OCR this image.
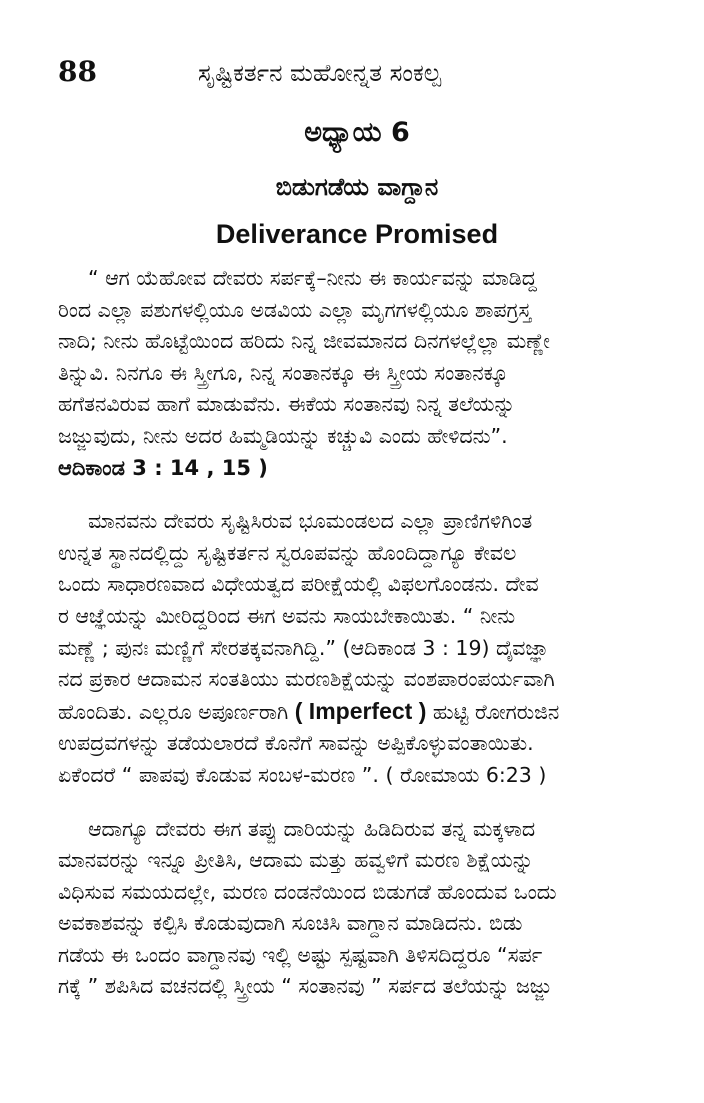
88	ಸೃಷ್ಟಿಕರ್ತನ ಮಹೋನ್ನತ ಸಂಕಲ್ಪ
ಅಧ್ಯಾಯ 6
ಬಿಡುಗಡೆಯ ವಾಗ್ದಾನ
Deliverance Promised

“ ಆಗ ಯೆಹೋವ ದೇವರು ಸರ್ಪಕ್ಕೆ–ನೀನು ಈ ಕಾರ್ಯವನ್ನು ಮಾಡಿದ್ದ
ರಿಂದ ಎಲ್ಲಾ ಪಶುಗಳಲ್ಲಿಯೂ ಅಡವಿಯ ಎಲ್ಲಾ ಮೃಗಗಳಲ್ಲಿಯೂ ಶಾಪಗ್ರಸ್ತ
ನಾದಿ; ನೀನು ಹೊಟ್ಟೆಯಿಂದ ಹರಿದು ನಿನ್ನ ಜೀವಮಾನದ ದಿನಗಳಲ್ಲೆಲ್ಲಾ ಮಣ್ಣೇ
ತಿನ್ನುವಿ. ನಿನಗೂ ಈ ಸ್ತ್ರೀಗೂ, ನಿನ್ನ ಸಂತಾನಕ್ಕೂ ಈ ಸ್ತ್ರೀಯ ಸಂತಾನಕ್ಕೂ
ಹಗೆತನವಿರುವ ಹಾಗೆ ಮಾಡುವೆನು. ಈಕೆಯ ಸಂತಾನವು ನಿನ್ನ ತಲೆಯನ್ನು
ಜಜ್ಜುವುದು, ನೀನು ಅದರ ಹಿಮ್ಮಡಿಯನ್ನು ಕಚ್ಚುವಿ ಎಂದು ಹೇಳಿದನು”.
ಆದಿಕಾಂಡ 3 : 14 , 15 )

ಮಾನವನು ದೇವರು ಸೃಷ್ಟಿಸಿರುವ ಭೂಮಂಡಲದ ಎಲ್ಲಾ ಪ್ರಾಣಿಗಳಿಗಿಂತ
ಉನ್ನತ ಸ್ಥಾನದಲ್ಲಿದ್ದು ಸೃಷ್ಟಿಕರ್ತನ ಸ್ವರೂಪವನ್ನು ಹೊಂದಿದ್ದಾಗ್ಯೂ ಕೇವಲ
ಒಂದು ಸಾಧಾರಣವಾದ ವಿಧೇಯತ್ವದ ಪರೀಕ್ಷೆಯಲ್ಲಿ ವಿಫಲಗೊಂಡನು. ದೇವ
ರ ಆಜ್ಞೆಯನ್ನು ಮೀರಿದ್ದರಿಂದ ಈಗ ಅವನು ಸಾಯಬೇಕಾಯಿತು. “ ನೀನು
ಮಣ್ಣೆ ; ಪುನಃ ಮಣ್ಣಿಗೆ ಸೇರತಕ್ಕವನಾಗಿದ್ದಿ.” (ಆದಿಕಾಂಡ 3 : 19) ದೈವಜ್ಞಾ
ನದ ಪ್ರಕಾರ ಆದಾಮನ ಸಂತತಿಯು ಮರಣಶಿಕ್ಷೆಯನ್ನು ವಂಶಪಾರಂಪರ್ಯವಾಗಿ
ಹೊಂದಿತು. ಎಲ್ಲರೂ ಅಪೂರ್ಣರಾಗಿ ( Imperfect ) ಹುಟ್ಟಿ ರೋಗರುಜಿನ
ಉಪದ್ರವಗಳನ್ನು ತಡೆಯಲಾರದೆ ಕೊನೆಗೆ ಸಾವನ್ನು ಅಪ್ಪಿಕೊಳ್ಳುವಂತಾಯಿತು.
ಏಕೆಂದರೆ “ ಪಾಪವು ಕೊಡುವ ಸಂಬಳ-ಮರಣ ”. ( ರೋಮಾಯ 6:23 )

ಆದಾಗ್ಯೂ ದೇವರು ಈಗ ತಪ್ಪು ದಾರಿಯನ್ನು ಹಿಡಿದಿರುವ ತನ್ನ ಮಕ್ಕಳಾದ
ಮಾನವರನ್ನು ಇನ್ನೂ ಪ್ರೀತಿಸಿ, ಆದಾಮ ಮತ್ತು ಹವ್ವಳಿಗೆ ಮರಣ ಶಿಕ್ಷೆಯನ್ನು
ವಿಧಿಸುವ ಸಮಯದಲ್ಲೇ, ಮರಣ ದಂಡನೆಯಿಂದ ಬಿಡುಗಡೆ ಹೊಂದುವ ಒಂದು
ಅವಕಾಶವನ್ನು ಕಲ್ಪಿಸಿ ಕೊಡುವುದಾಗಿ ಸೂಚಿಸಿ ವಾಗ್ದಾನ ಮಾಡಿದನು. ಬಿಡು
ಗಡೆಯ ಈ ಒಂದಂ ವಾಗ್ದಾನವು ಇಲ್ಲಿ ಅಷ್ಟು ಸ್ಪಷ್ಟವಾಗಿ ತಿಳಿಸದಿದ್ದರೂ “ಸರ್ಪ
ಗಕ್ಕೆ ” ಶಪಿಸಿದ ವಚನದಲ್ಲಿ ಸ್ತ್ರೀಯ “ ಸಂತಾನವು ” ಸರ್ಪದ ತಲೆಯನ್ನು ಜಜ್ಜು
